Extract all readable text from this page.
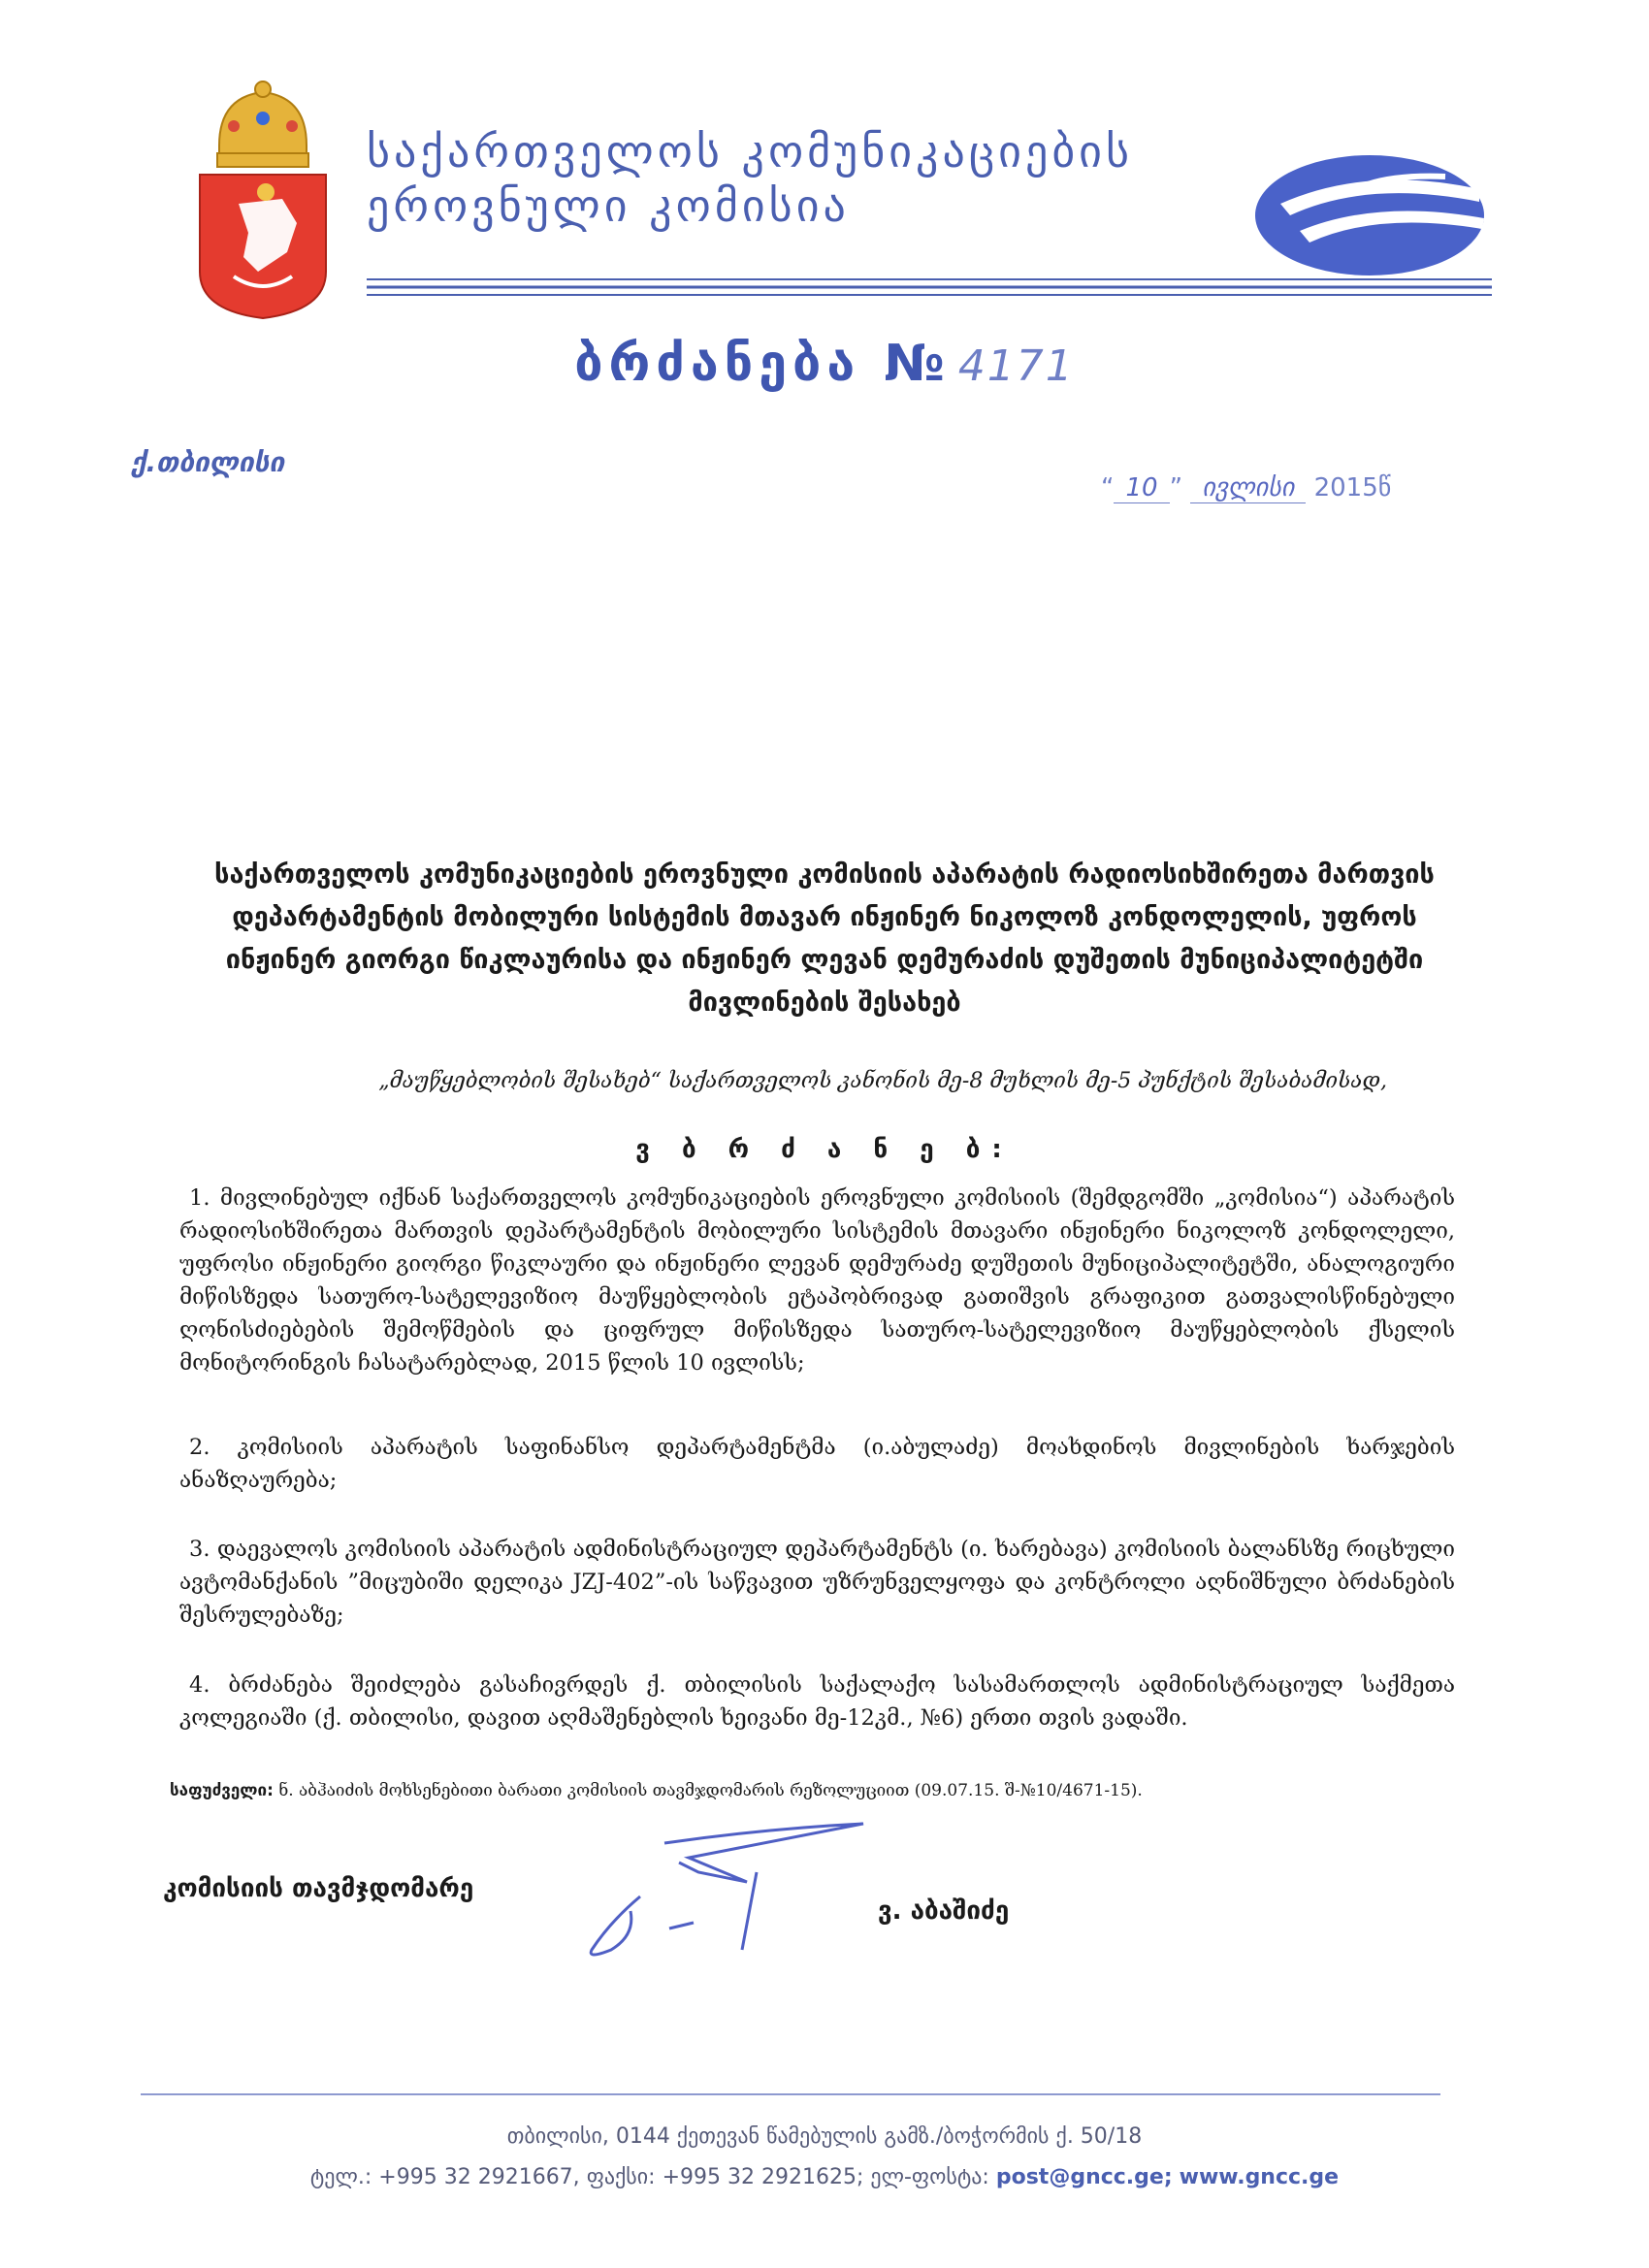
საქართველოს კომუნიკაციების
ეროვნული კომისია
ბრძანება № 4171
ქ.თბილისი
“ 10 ” ივლისი 2015წ
საქართველოს კომუნიკაციების ეროვნული კომისიის აპარატის რადიოსიხშირეთა მართვის დეპარტამენტის მობილური სისტემის მთავარ ინჟინერ ნიკოლოზ კონდოლელის, უფროს ინჟინერ გიორგი წიკლაურისა და ინჟინერ ლევან დემურაძის დუშეთის მუნიციპალიტეტში მივლინების შესახებ
„მაუწყებლობის შესახებ“ საქართველოს კანონის მე-8 მუხლის მე-5 პუნქტის შესაბამისად,
ვ ბ რ ძ ა ნ ე ბ:
1. მივლინებულ იქნან საქართველოს კომუნიკაციების ეროვნული კომისიის (შემდგომში „კომისია“) აპარატის რადიოსიხშირეთა მართვის დეპარტამენტის მობილური სისტემის მთავარი ინჟინერი ნიკოლოზ კონდოლელი, უფროსი ინჟინერი გიორგი წიკლაური და ინჟინერი ლევან დემურაძე დუშეთის მუნიციპალიტეტში, ანალოგიური მიწისზედა სათურო-სატელევიზიო მაუწყებლობის ეტაპობრივად გათიშვის გრაფიკით გათვალისწინებული ღონისძიებების შემოწმების და ციფრულ მიწისზედა სათურო-სატელევიზიო მაუწყებლობის ქსელის მონიტორინგის ჩასატარებლად, 2015 წლის 10 ივლისს;
2. კომისიის აპარატის საფინანსო დეპარტამენტმა (ი.აბულაძე) მოახდინოს მივლინების ხარჯების ანაზღაურება;
3. დაევალოს კომისიის აპარატის ადმინისტრაციულ დეპარტამენტს (ი. ხარებავა) კომისიის ბალანსზე რიცხული ავტომანქანის ”მიცუბიში დელიკა JZJ-402”-ის საწვავით უზრუნველყოფა და კონტროლი აღნიშნული ბრძანების შესრულებაზე;
4. ბრძანება შეიძლება გასაჩივრდეს ქ. თბილისის საქალაქო სასამართლოს ადმინისტრაციულ საქმეთა კოლეგიაში (ქ. თბილისი, დავით აღმაშენებლის ხეივანი მე-12კმ., №6) ერთი თვის ვადაში.
საფუძველი: ნ. აბჰაიძის მოხსენებითი ბარათი კომისიის თავმჯდომარის რეზოლუციით (09.07.15. შ-№10/4671-15).
კომისიის თავმჯდომარე
ვ. აბაშიძე
თბილისი, 0144 ქეთევან წამებულის გამზ./ბოჭორმის ქ. 50/18
ტელ.: +995 32 2921667, ფაქსი: +995 32 2921625; ელ-ფოსტა: post@gncc.ge; www.gncc.ge
